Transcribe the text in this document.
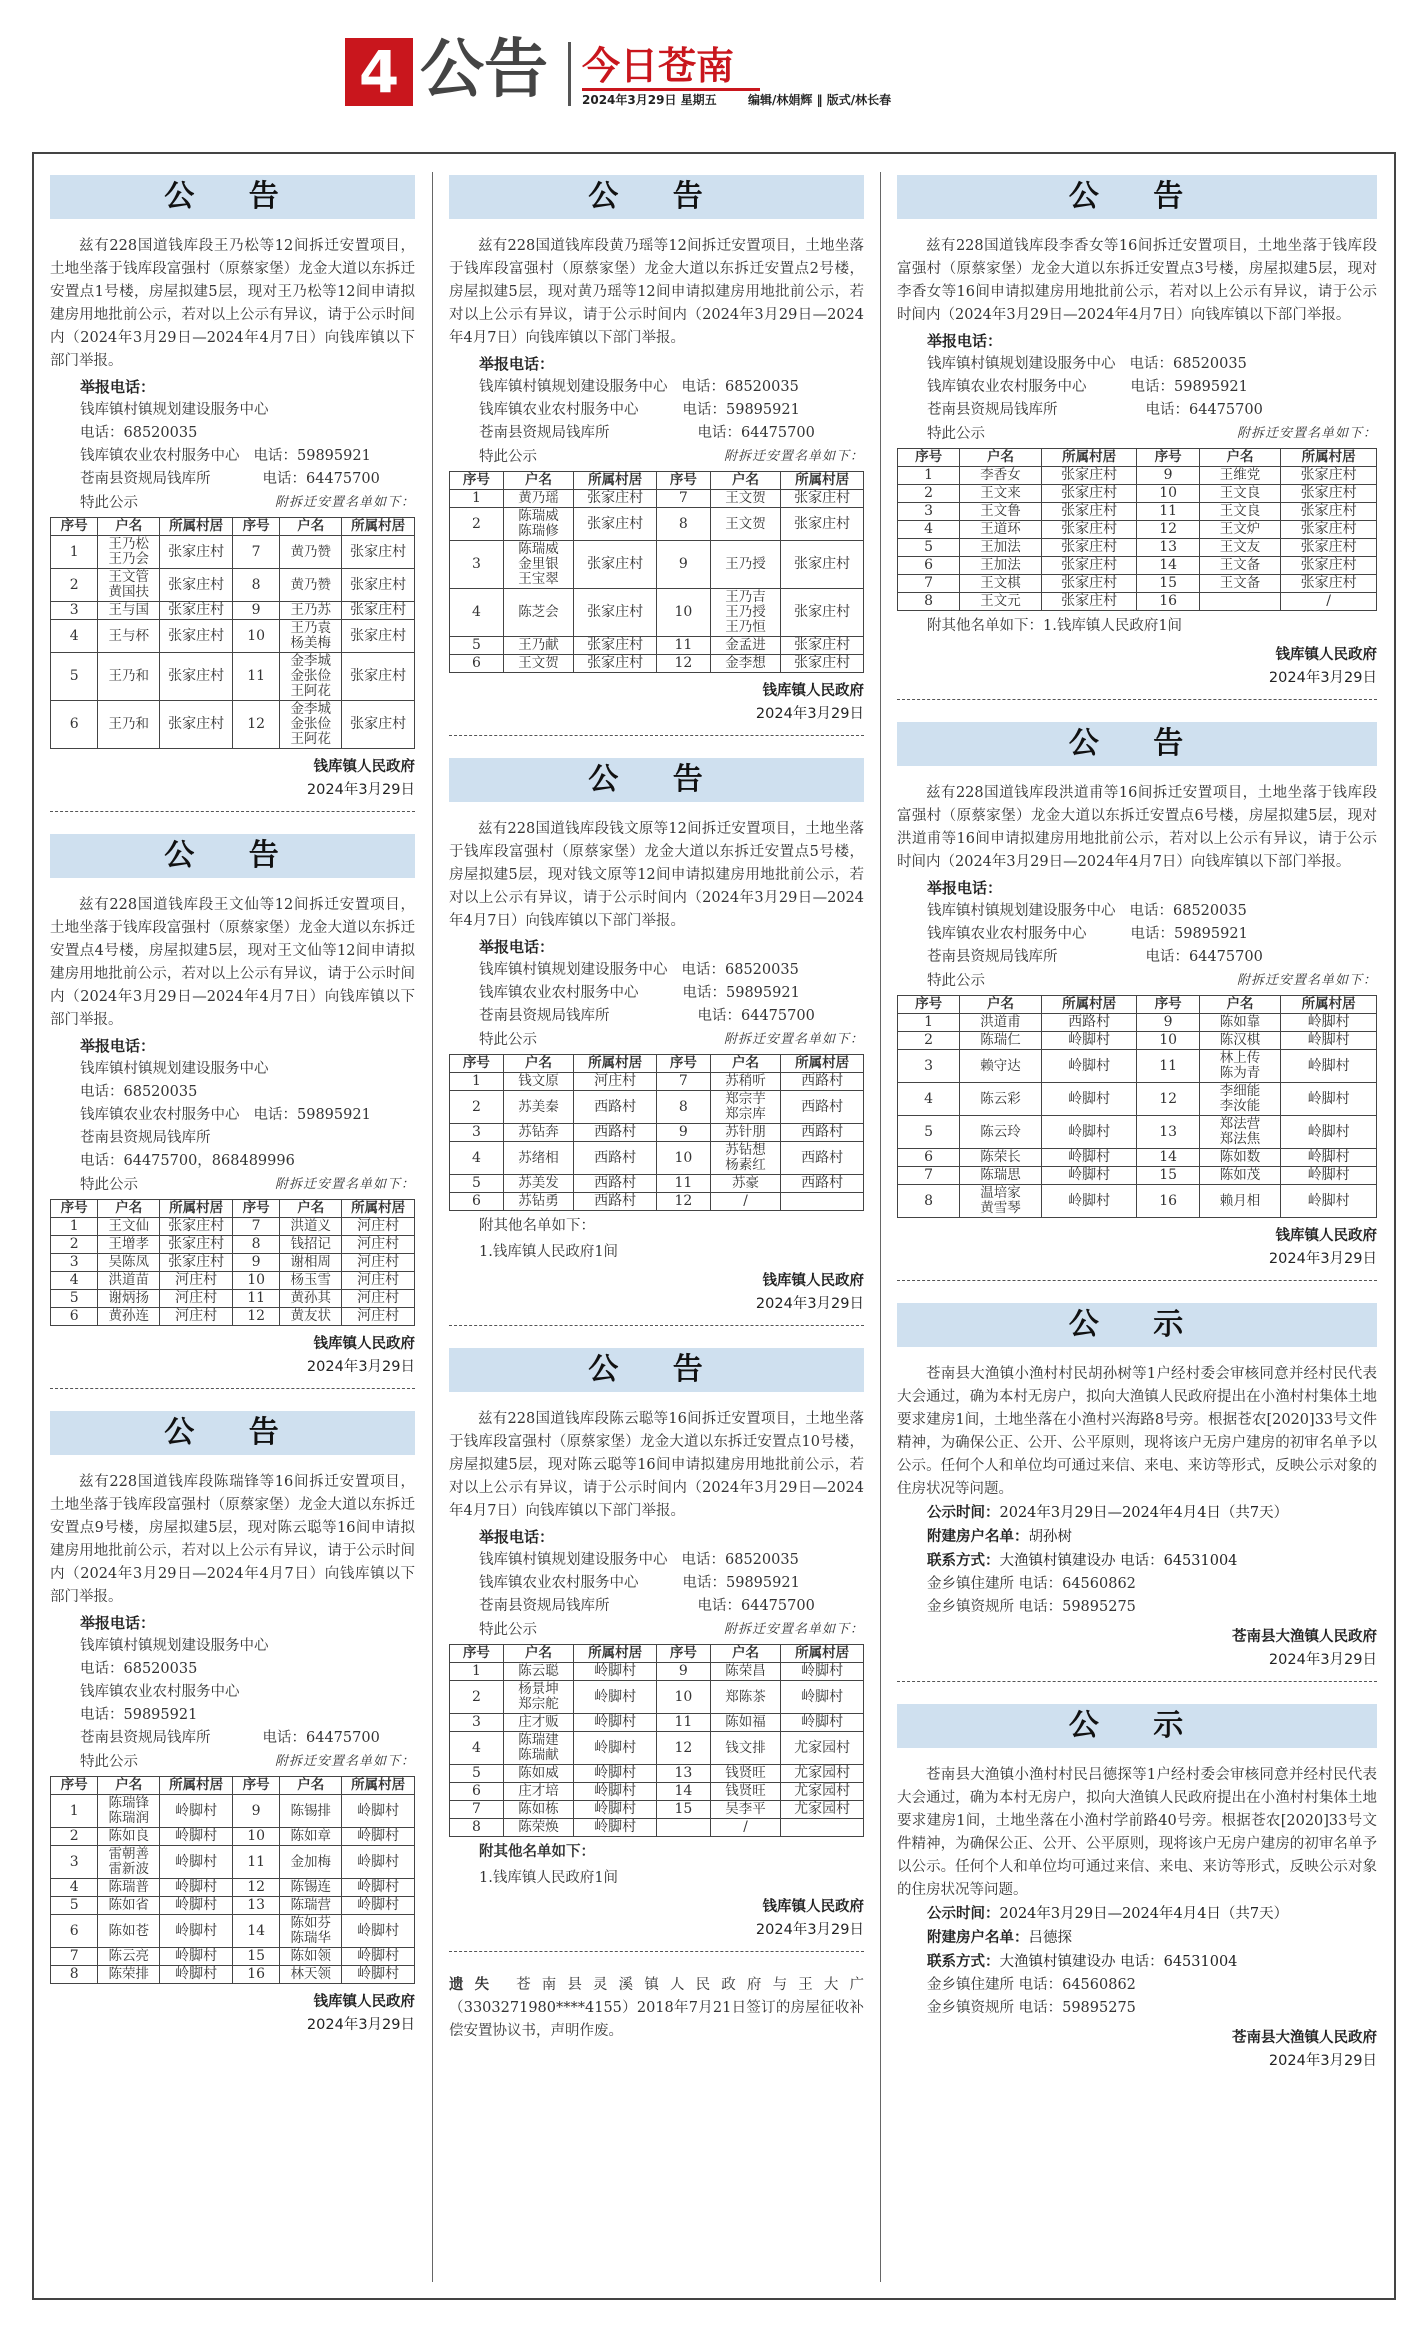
4 公告 今日苍南
2024年3月29日 星期五	编辑/林娟辉 ‖ 版式/林长春
公 告
兹有228国道钱库段王乃松等12间拆迁安置项目，土地坐落于钱库段富强村（原蔡家堡）龙金大道以东拆迁安置点1号楼，房屋拟建5层，现对王乃松等12间申请拟建房用地批前公示，若对以上公示有异议，请于公示时间内（2024年3月29日—2024年4月7日）向钱库镇以下部门举报。
举报电话：
钱库镇村镇规划建设服务中心
电话：68520035
钱库镇农业农村服务中心 电话：59895921
苍南县资规局钱库所	电话：64475700
特此公示	附拆迁安置名单如下：
序号	户名	所属村居	序号	户名	所属村居
1	王乃松
王乃会	张家庄村	7	黄乃赞	张家庄村
2	王文管
黄国扶	张家庄村	8	黄乃赞	张家庄村
3	王与国	张家庄村	9	王乃苏	张家庄村
4	王与杯	张家庄村	10	王乃袁
杨美梅	张家庄村
5	王乃和	张家庄村	11	金李城
金张俭
王阿花	张家庄村
6	王乃和	张家庄村	12	金李城
金张俭
王阿花	张家庄村
钱库镇人民政府
2024年3月29日
公 告
兹有228国道钱库段王文仙等12间拆迁安置项目，土地坐落于钱库段富强村（原蔡家堡）龙金大道以东拆迁安置点4号楼，房屋拟建5层，现对王文仙等12间申请拟建房用地批前公示，若对以上公示有异议，请于公示时间内（2024年3月29日—2024年4月7日）向钱库镇以下部门举报。
举报电话：
钱库镇村镇规划建设服务中心
电话：68520035
钱库镇农业农村服务中心 电话：59895921
苍南县资规局钱库所
电话：64475700，868489996
特此公示	附拆迁安置名单如下：
序号	户名	所属村居	序号	户名	所属村居
1	王文仙	张家庄村	7	洪道义	河庄村
2	王增孝	张家庄村	8	钱招记	河庄村
3	吴陈凤	张家庄村	9	谢相周	河庄村
4	洪道苗	河庄村	10	杨玉雪	河庄村
5	谢炳扬	河庄村	11	黄孙其	河庄村
6	黄孙连	河庄村	12	黄友状	河庄村
钱库镇人民政府
2024年3月29日
公 告
兹有228国道钱库段陈瑞锋等16间拆迁安置项目，土地坐落于钱库段富强村（原蔡家堡）龙金大道以东拆迁安置点9号楼，房屋拟建5层，现对陈云聪等16间申请拟建房用地批前公示，若对以上公示有异议，请于公示时间内（2024年3月29日—2024年4月7日）向钱库镇以下部门举报。
举报电话：
钱库镇村镇规划建设服务中心
电话：68520035
钱库镇农业农村服务中心
电话：59895921
苍南县资规局钱库所	电话：64475700
特此公示	附拆迁安置名单如下：
序号	户名	所属村居	序号	户名	所属村居
1	陈瑞锋
陈瑞润	岭脚村	9	陈锡排	岭脚村
2	陈如良	岭脚村	10	陈如章	岭脚村
3	雷朝善
雷新波	岭脚村	11	金加梅	岭脚村
4	陈瑞普	岭脚村	12	陈锡连	岭脚村
5	陈如省	岭脚村	13	陈瑞营	岭脚村
6	陈如苍	岭脚村	14	陈如芬
陈瑞华	岭脚村
7	陈云亮	岭脚村	15	陈如领	岭脚村
8	陈荣排	岭脚村	16	林天领	岭脚村
钱库镇人民政府
2024年3月29日
公 告
兹有228国道钱库段黄乃瑶等12间拆迁安置项目，土地坐落于钱库段富强村（原蔡家堡）龙金大道以东拆迁安置点2号楼，房屋拟建5层，现对黄乃瑶等12间申请拟建房用地批前公示，若对以上公示有异议，请于公示时间内（2024年3月29日—2024年4月7日）向钱库镇以下部门举报。
举报电话：
钱库镇村镇规划建设服务中心 电话：68520035
钱库镇农业农村服务中心	电话：59895921
苍南县资规局钱库所	电话：64475700
特此公示	附拆迁安置名单如下：
序号	户名	所属村居	序号	户名	所属村居
1	黄乃瑶	张家庄村	7	王文贺	张家庄村
2	陈瑞威
陈瑞修	张家庄村	8	王文贺	张家庄村
3	陈瑞威
金里银
王宝翠	张家庄村	9	王乃授	张家庄村
4	陈芝会	张家庄村	10	王乃吉
王乃授
王乃恒	张家庄村
5	王乃献	张家庄村	11	金孟进	张家庄村
6	王文贺	张家庄村	12	金李想	张家庄村
钱库镇人民政府
2024年3月29日
公 告
兹有228国道钱库段钱文原等12间拆迁安置项目，土地坐落于钱库段富强村（原蔡家堡）龙金大道以东拆迁安置点5号楼，房屋拟建5层，现对钱文原等12间申请拟建房用地批前公示，若对以上公示有异议，请于公示时间内（2024年3月29日—2024年4月7日）向钱库镇以下部门举报。
举报电话：
钱库镇村镇规划建设服务中心 电话：68520035
钱库镇农业农村服务中心	电话：59895921
苍南县资规局钱库所	电话：64475700
特此公示	附拆迁安置名单如下：
序号	户名	所属村居	序号	户名	所属村居
1	钱文原	河庄村	7	苏稍听	西路村
2	苏美秦	西路村	8	郑宗芋
郑宗库	西路村
3	苏钻奔	西路村	9	苏针朋	西路村
4	苏绪相	西路村	10	苏钻想
杨素红	西路村
5	苏美发	西路村	11	苏豪	西路村
6	苏钻勇	西路村	12	/	
附其他名单如下：
1.钱库镇人民政府1间
钱库镇人民政府
2024年3月29日
公 告
兹有228国道钱库段陈云聪等16间拆迁安置项目，土地坐落于钱库段富强村（原蔡家堡）龙金大道以东拆迁安置点10号楼，房屋拟建5层，现对陈云聪等16间申请拟建房用地批前公示，若对以上公示有异议，请于公示时间内（2024年3月29日—2024年4月7日）向钱库镇以下部门举报。
举报电话：
钱库镇村镇规划建设服务中心 电话：68520035
钱库镇农业农村服务中心	电话：59895921
苍南县资规局钱库所	电话：64475700
特此公示	附拆迁安置名单如下：
序号	户名	所属村居	序号	户名	所属村居
1	陈云聪	岭脚村	9	陈荣昌	岭脚村
2	杨景坤
郑宗舵	岭脚村	10	郑陈茶	岭脚村
3	庄才贩	岭脚村	11	陈如福	岭脚村
4	陈瑞建
陈瑞献	岭脚村	12	钱文排	尤家园村
5	陈如威	岭脚村	13	钱贤旺	尤家园村
6	庄才培	岭脚村	14	钱贤旺	尤家园村
7	陈如栋	岭脚村	15	吴李平	尤家园村
8	陈荣焕	岭脚村		/	
附其他名单如下：
1.钱库镇人民政府1间
钱库镇人民政府
2024年3月29日
遗失 苍南县灵溪镇人民政府与王大广（3303271980****4155）2018年7月21日签订的房屋征收补偿安置协议书，声明作废。
公 告
兹有228国道钱库段李香女等16间拆迁安置项目，土地坐落于钱库段富强村（原蔡家堡）龙金大道以东拆迁安置点3号楼，房屋拟建5层，现对李香女等16间申请拟建房用地批前公示，若对以上公示有异议，请于公示时间内（2024年3月29日—2024年4月7日）向钱库镇以下部门举报。
举报电话：
钱库镇村镇规划建设服务中心 电话：68520035
钱库镇农业农村服务中心	电话：59895921
苍南县资规局钱库所	电话：64475700
特此公示	附拆迁安置名单如下：
序号	户名	所属村居	序号	户名	所属村居
1	李香女	张家庄村	9	王维党	张家庄村
2	王文来	张家庄村	10	王文良	张家庄村
3	王文鲁	张家庄村	11	王文良	张家庄村
4	王道环	张家庄村	12	王文炉	张家庄村
5	王加法	张家庄村	13	王文友	张家庄村
6	王加法	张家庄村	14	王文备	张家庄村
7	王文棋	张家庄村	15	王文备	张家庄村
8	王文元	张家庄村	16		/
附其他名单如下：1.钱库镇人民政府1间
钱库镇人民政府
2024年3月29日
公 告
兹有228国道钱库段洪道甫等16间拆迁安置项目，土地坐落于钱库段富强村（原蔡家堡）龙金大道以东拆迁安置点6号楼，房屋拟建5层，现对洪道甫等16间申请拟建房用地批前公示，若对以上公示有异议，请于公示时间内（2024年3月29日—2024年4月7日）向钱库镇以下部门举报。
举报电话：
钱库镇村镇规划建设服务中心 电话：68520035
钱库镇农业农村服务中心	电话：59895921
苍南县资规局钱库所	电话：64475700
特此公示	附拆迁安置名单如下：
序号	户名	所属村居	序号	户名	所属村居
1	洪道甫	西路村	9	陈如靠	岭脚村
2	陈瑞仁	岭脚村	10	陈汉棋	岭脚村
3	赖守达	岭脚村	11	林上传
陈为青	岭脚村
4	陈云彩	岭脚村	12	李细能
李汝能	岭脚村
5	陈云玲	岭脚村	13	郑法营
郑法焦	岭脚村
6	陈荣长	岭脚村	14	陈如数	岭脚村
7	陈瑞思	岭脚村	15	陈如茂	岭脚村
8	温培家
黄雪琴	岭脚村	16	赖月相	岭脚村
钱库镇人民政府
2024年3月29日
公 示
苍南县大渔镇小渔村村民胡孙树等1户经村委会审核同意并经村民代表大会通过，确为本村无房户，拟向大渔镇人民政府提出在小渔村村集体土地要求建房1间，土地坐落在小渔村兴海路8号旁。根据苍农[2020]33号文件精神，为确保公正、公开、公平原则，现将该户无房户建房的初审名单予以公示。任何个人和单位均可通过来信、来电、来访等形式，反映公示对象的住房状况等问题。
公示时间：2024年3月29日—2024年4月4日（共7天）
附建房户名单：胡孙树
联系方式：大渔镇村镇建设办 电话：64531004
金乡镇住建所 电话：64560862
金乡镇资规所 电话：59895275
苍南县大渔镇人民政府
2024年3月29日
公 示
苍南县大渔镇小渔村村民吕德探等1户经村委会审核同意并经村民代表大会通过，确为本村无房户，拟向大渔镇人民政府提出在小渔村村集体土地要求建房1间，土地坐落在小渔村学前路40号旁。根据苍农[2020]33号文件精神，为确保公正、公开、公平原则，现将该户无房户建房的初审名单予以公示。任何个人和单位均可通过来信、来电、来访等形式，反映公示对象的住房状况等问题。
公示时间：2024年3月29日—2024年4月4日（共7天）
附建房户名单：吕德探
联系方式：大渔镇村镇建设办 电话：64531004
金乡镇住建所 电话：64560862
金乡镇资规所 电话：59895275
苍南县大渔镇人民政府
2024年3月29日
